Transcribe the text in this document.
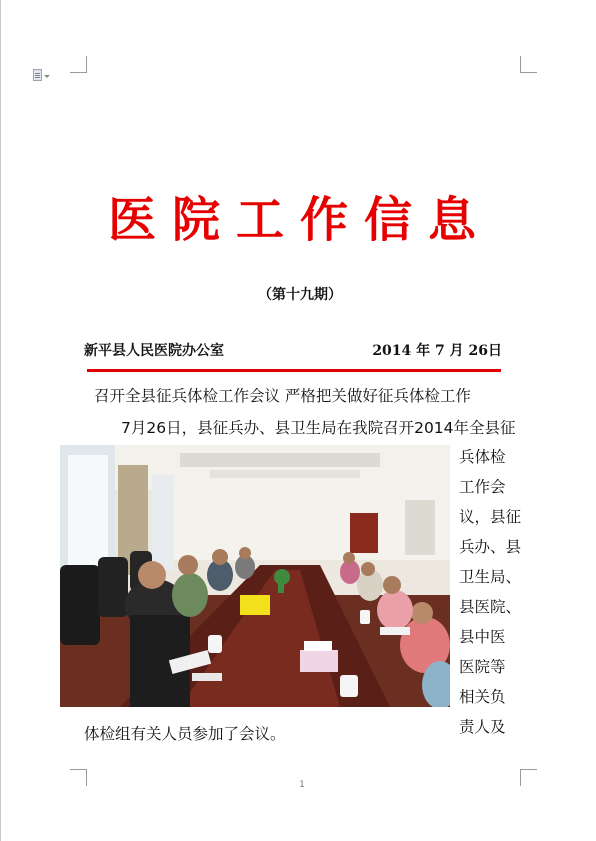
医院工作信息
（第十九期）
新平县人民医院办公室	2014 年 7 月 26日
召开全县征兵体检工作会议 严格把关做好征兵体检工作
7月26日，县征兵办、县卫生局在我院召开2014年全县征
兵体检
工作会
议，县征
兵办、县
卫生局、
县医院、
县中医
医院等
相关负
责人及
体检组有关人员参加了会议。
1
